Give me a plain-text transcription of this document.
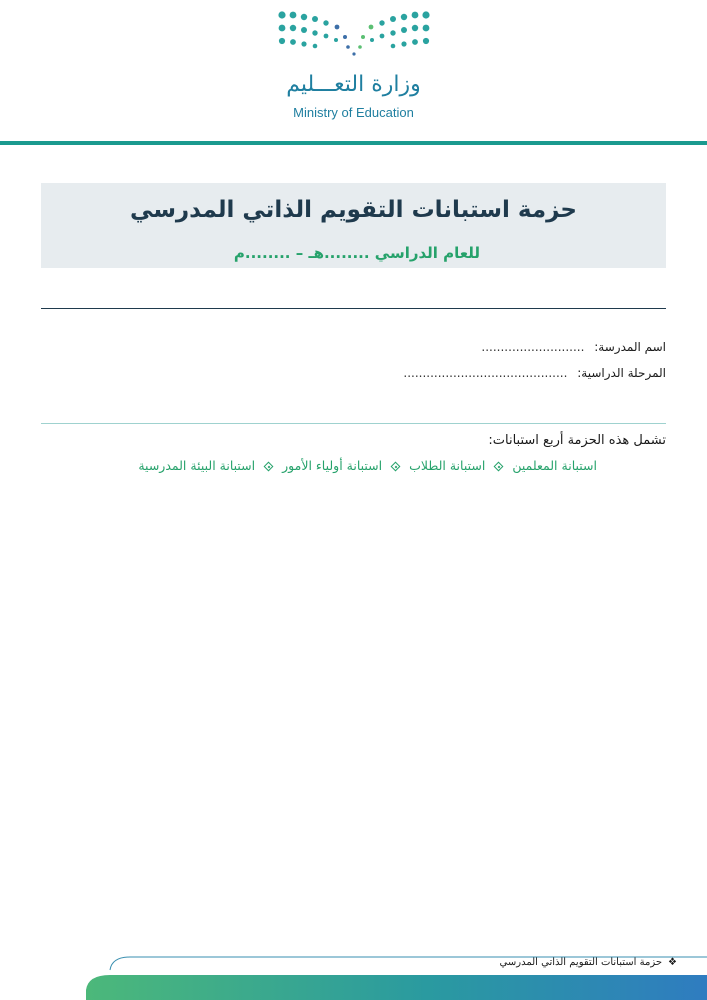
وزارة التعـــليم
Ministry of Education
حزمة استبانات التقويم الذاتي المدرسي
للعام الدراسي ........هـ – ........م
اسم المدرسة: ...........................
المرحلة الدراسية: ...........................................
تشمل هذه الحزمة أربع استبانات:
استبانة المعلميناستبانة الطلاباستبانة أولياء الأموراستبانة البيئة المدرسية
❖حزمة استبانات التقويم الذاتي المدرسي
